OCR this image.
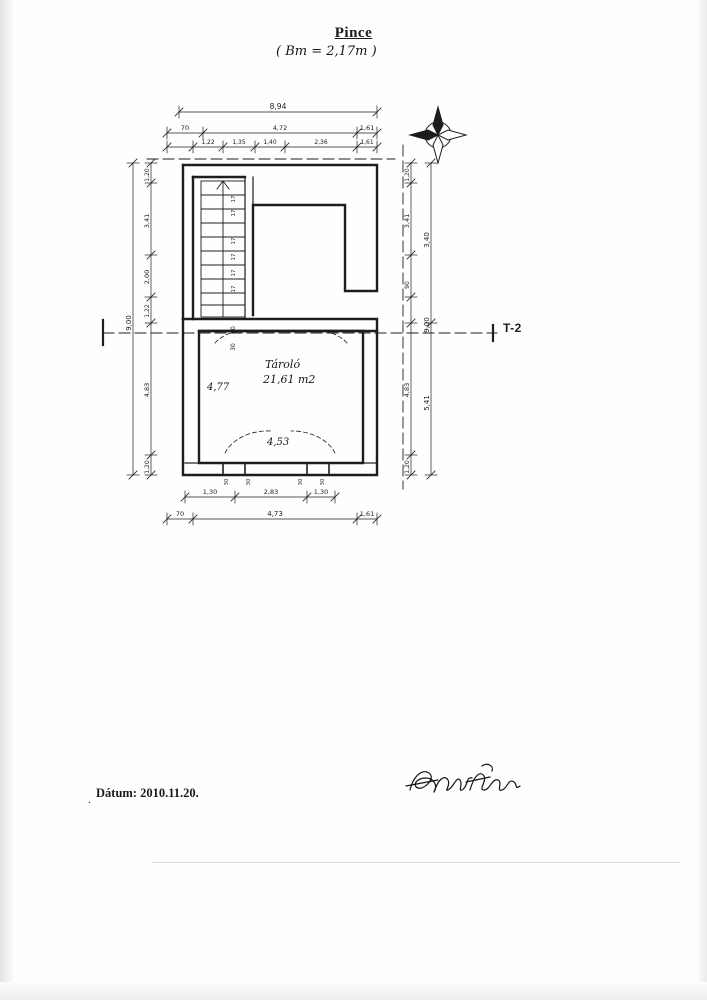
Pince
( Bm = 2,17m )
T-2
8,94
70	4,72	1,61
1,22	1,35	1,40	2,36	1,61
1,30	2,83	1,30
70	4,73	1,61
1,20
3,41
2,00
1,22
4,83
1,20
9,00
1,20
3,41
90
4,83
1,20
3,40
9,00
5,41
30
30
30	30	30	30
17
17
17
17
17
17
Tároló
21,61 m2
4,77
4,53
. Dátum: 2010.11.20.
